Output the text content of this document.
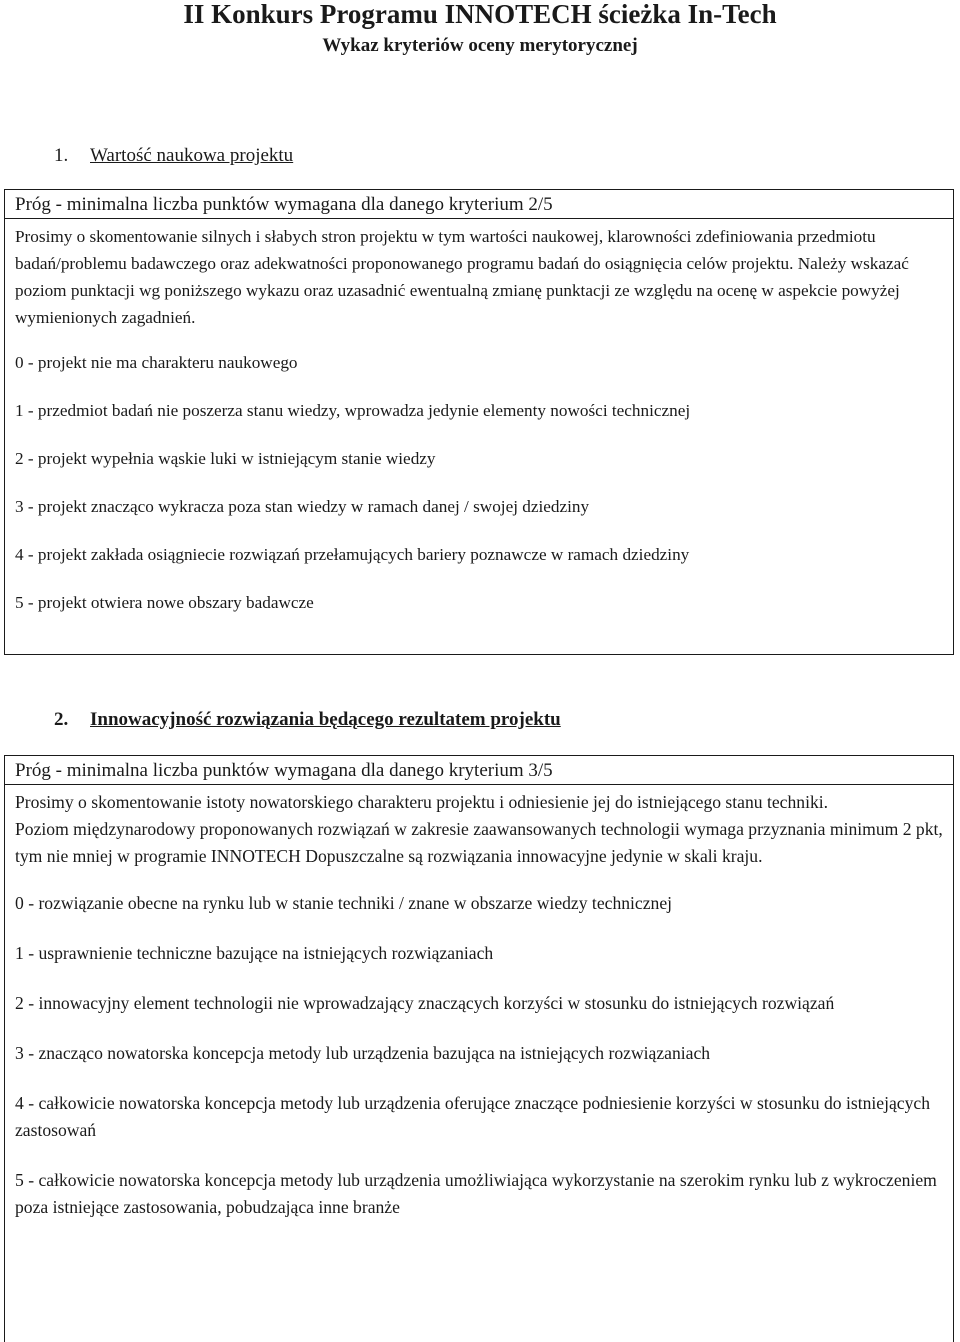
II Konkurs Programu INNOTECH ścieżka In-Tech
Wykaz kryteriów oceny merytorycznej
1. Wartość naukowa projektu
Próg - minimalna liczba punktów wymagana dla danego kryterium 2/5

Prosimy o skomentowanie silnych i słabych stron projektu w tym wartości naukowej, klarowności zdefiniowania przedmiotu badań/problemu badawczego oraz adekwatności proponowanego programu badań do osiągnięcia celów projektu. Należy wskazać poziom punktacji wg poniższego wykazu oraz uzasadnić ewentualną zmianę punktacji ze względu na ocenę w aspekcie powyżej wymienionych zagadnień.

0 - projekt nie ma charakteru naukowego

1 - przedmiot badań nie poszerza stanu wiedzy, wprowadza jedynie elementy nowości technicznej

2 - projekt wypełnia wąskie luki w istniejącym stanie wiedzy

3 - projekt znacząco wykracza poza stan wiedzy w ramach danej / swojej dziedziny

4 - projekt zakłada osiągniecie rozwiązań przełamujących bariery poznawcze w ramach dziedziny

5 - projekt otwiera nowe obszary badawcze

2. Innowacyjność rozwiązania będącego rezultatem projektu
Próg - minimalna liczba punktów wymagana dla danego kryterium 3/5

Prosimy o skomentowanie istoty nowatorskiego charakteru projektu i odniesienie jej do istniejącego stanu techniki.

Poziom międzynarodowy proponowanych rozwiązań w zakresie zaawansowanych technologii wymaga przyznania minimum 2 pkt, tym nie mniej w programie INNOTECH Dopuszczalne są rozwiązania innowacyjne jedynie w skali kraju.

0 - rozwiązanie obecne na rynku lub w stanie techniki / znane w obszarze wiedzy technicznej

1 - usprawnienie techniczne bazujące na istniejących rozwiązaniach

2 - innowacyjny element technologii nie wprowadzający znaczących korzyści w stosunku do istniejących rozwiązań

3 - znacząco nowatorska koncepcja metody lub urządzenia bazująca na istniejących rozwiązaniach

4 - całkowicie nowatorska koncepcja metody lub urządzenia oferujące znaczące podniesienie korzyści w stosunku do istniejących zastosowań

5 - całkowicie nowatorska koncepcja metody lub urządzenia umożliwiająca wykorzystanie na szerokim rynku lub z wykroczeniem poza istniejące zastosowania, pobudzająca inne branże
